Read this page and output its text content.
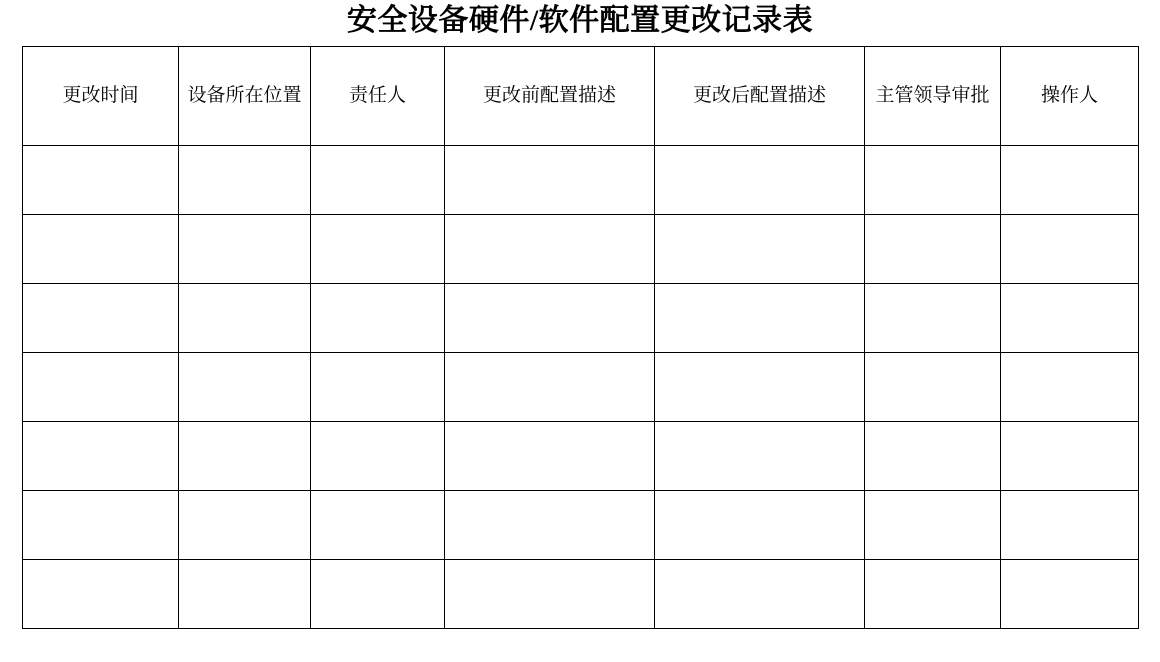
安全设备硬件/软件配置更改记录表
更改时间	设备所在位置	责任人	更改前配置描述	更改后配置描述	主管领导审批	操作人
